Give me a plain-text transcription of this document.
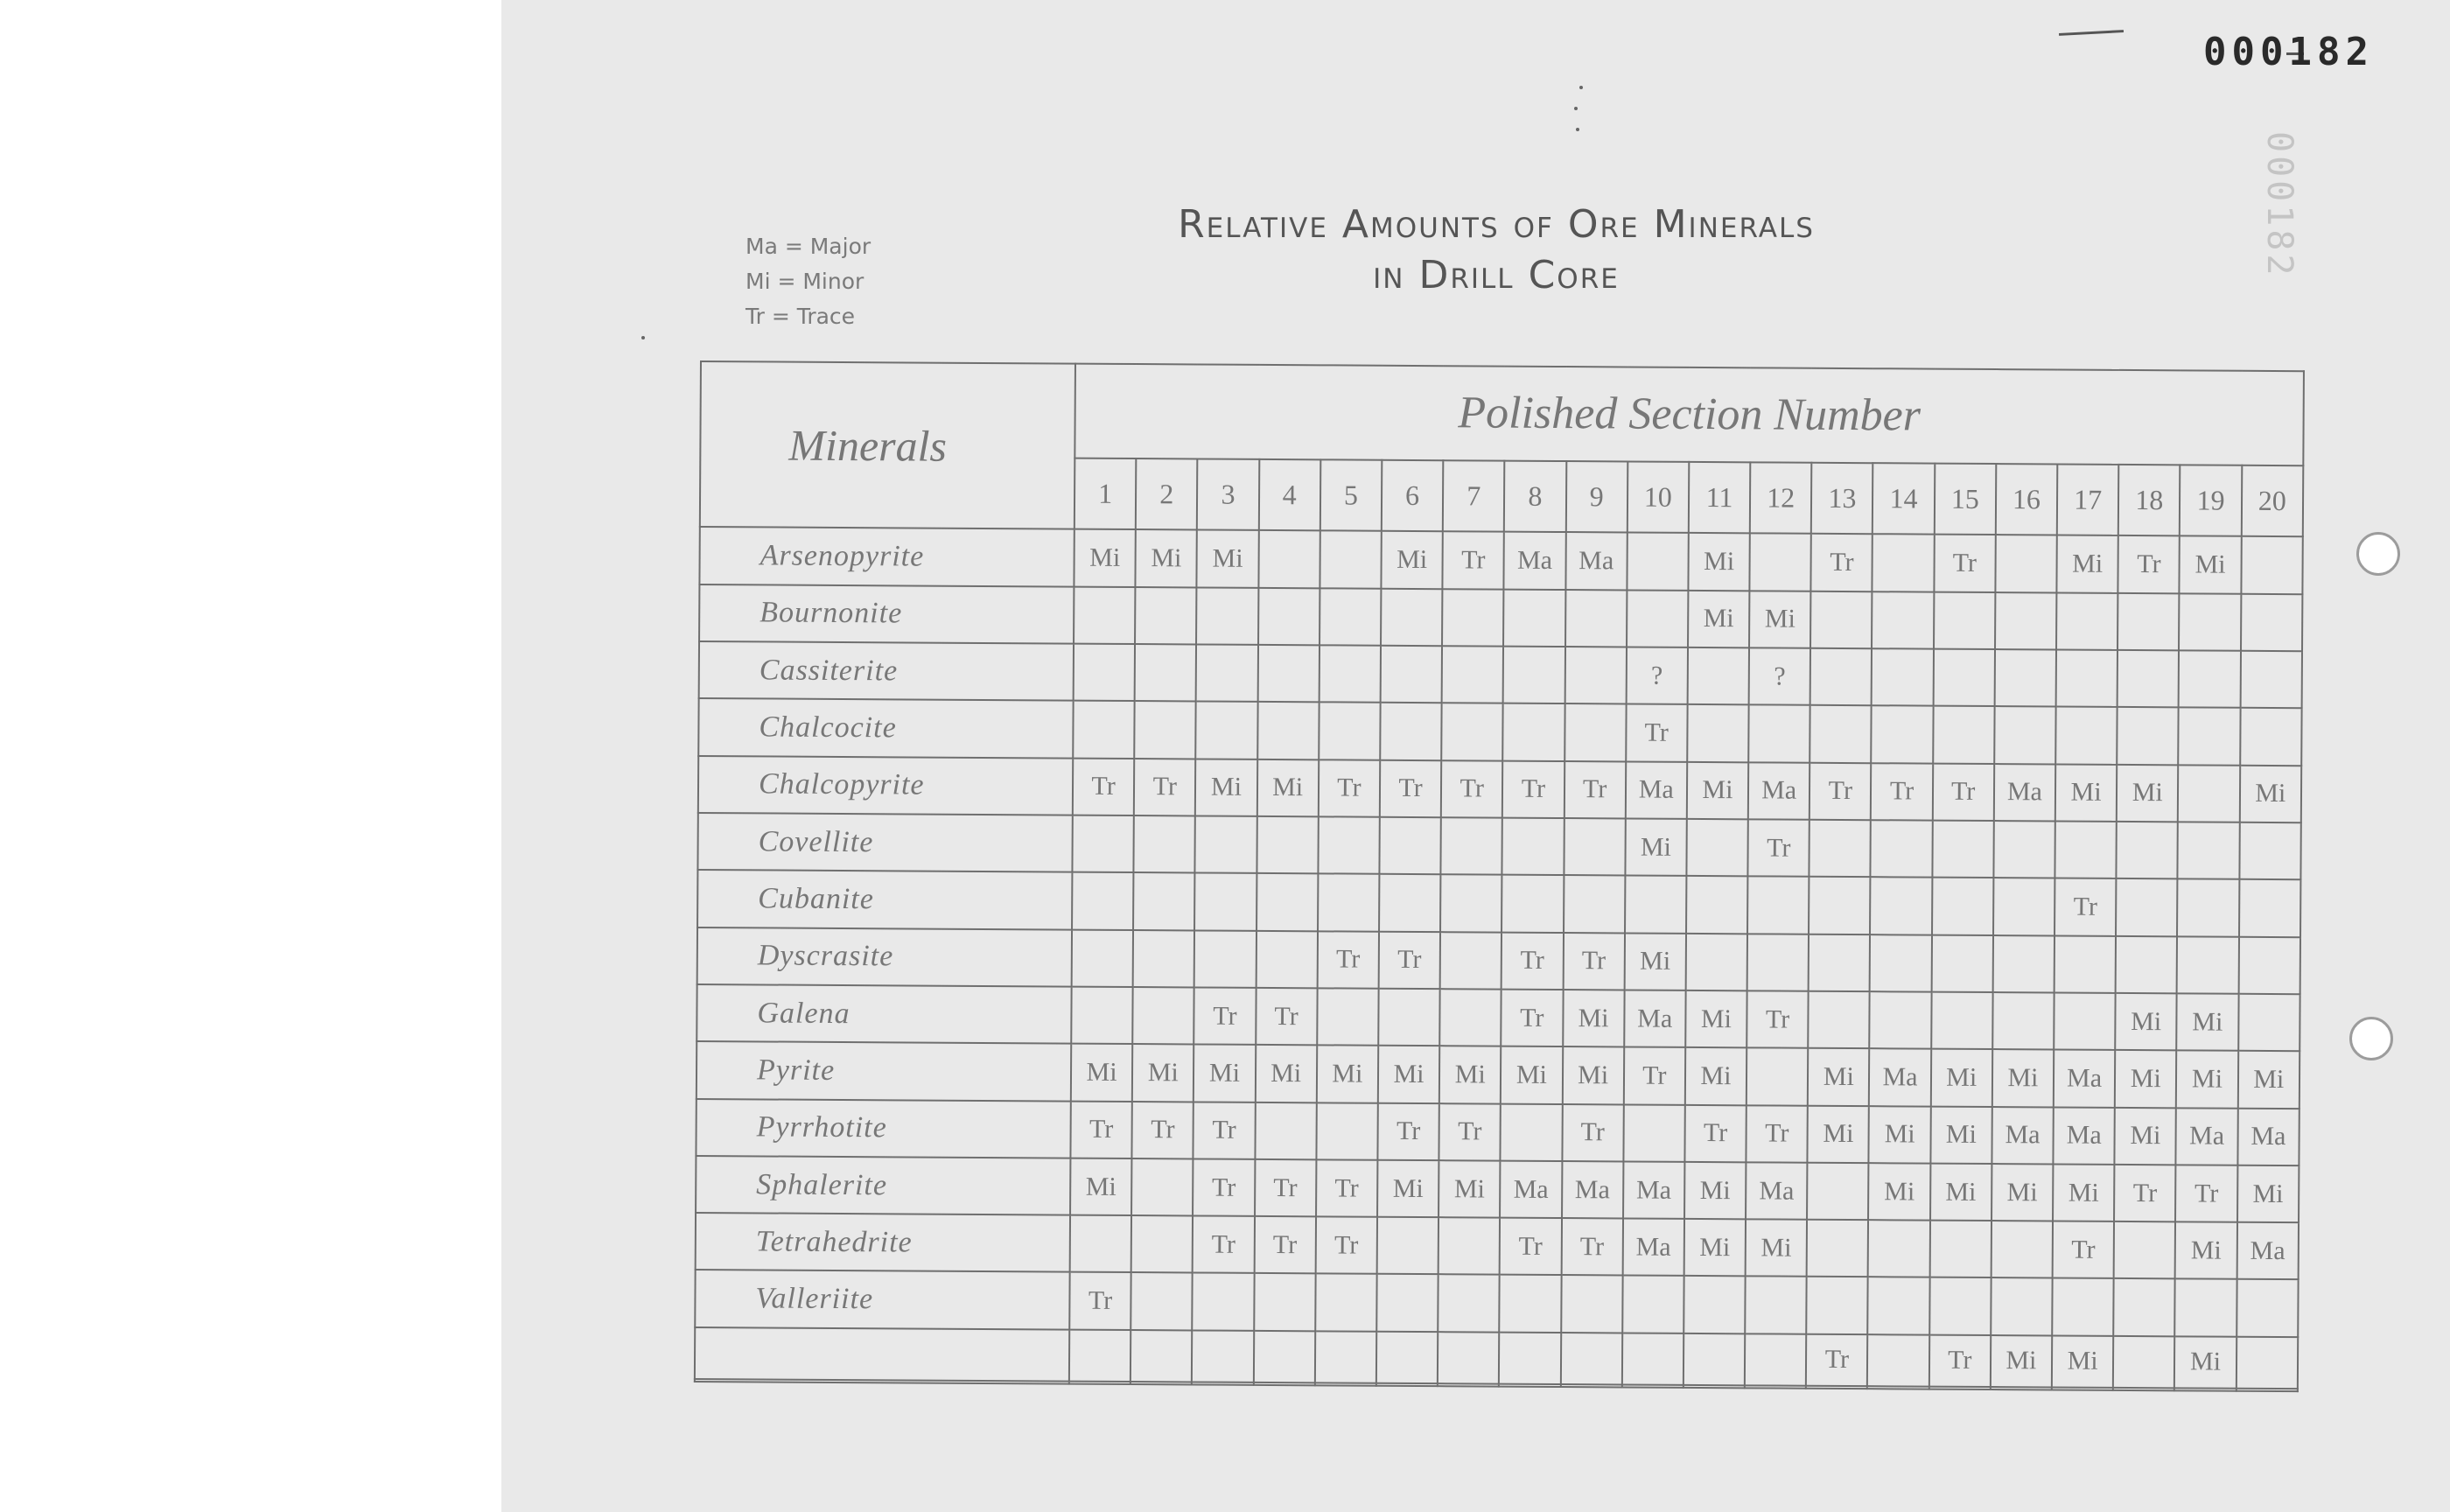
000182
000182
Ma = Major
Mi = Minor
Tr = Trace
Relative Amounts of Ore Minerals
in Drill Core
Minerals	Polished Section Number																			
	1	2	3	4	5	6	7	8	9	10	11	12	13	14	15	16	17	18	19	20
Arsenopyrite	Mi	Mi	Mi			Mi	Tr	Ma	Ma		Mi		Tr		Tr		Mi	Tr	Mi	
Bournonite											Mi	Mi								
Cassiterite										?		?								
Chalcocite										Tr										
Chalcopyrite	Tr	Tr	Mi	Mi	Tr	Tr	Tr	Tr	Tr	Ma	Mi	Ma	Tr	Tr	Tr	Ma	Mi	Mi		Mi
Covellite										Mi		Tr								
Cubanite																	Tr			
Dyscrasite					Tr	Tr		Tr	Tr	Mi										
Galena			Tr	Tr				Tr	Mi	Ma	Mi	Tr						Mi	Mi	
Pyrite	Mi	Mi	Mi	Mi	Mi	Mi	Mi	Mi	Mi	Tr	Mi		Mi	Ma	Mi	Mi	Ma	Mi	Mi	Mi
Pyrrhotite	Tr	Tr	Tr			Tr	Tr		Tr		Tr	Tr	Mi	Mi	Mi	Ma	Ma	Mi	Ma	Ma
Sphalerite	Mi		Tr	Tr	Tr	Mi	Mi	Ma	Ma	Ma	Mi	Ma		Mi	Mi	Mi	Mi	Tr	Tr	Mi
Tetrahedrite			Tr	Tr	Tr			Tr	Tr	Ma	Mi	Mi					Tr		Mi	Ma
Valleriite	Tr																			
													Tr		Tr	Mi	Mi		Mi	
